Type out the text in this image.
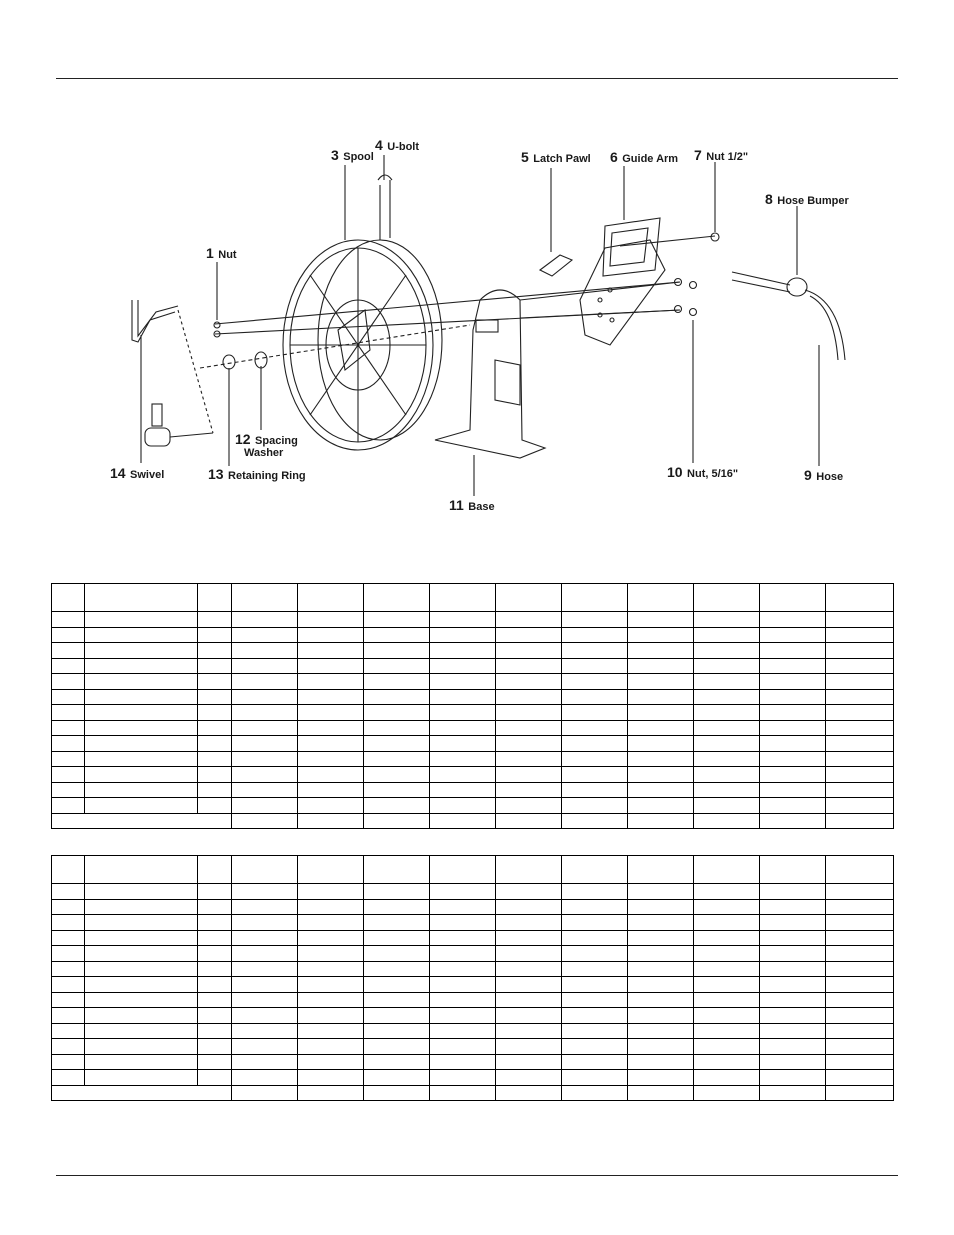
1 Nut
3 Spool
4 U-bolt
5 Latch Pawl 6 Guide Arm 7 Nut 1/2"
8 Hose Bumper
9 Hose
10 Nut, 5/16"
11 Base
12 Spacing
Washer
13 Retaining Ring
14 Swivel
